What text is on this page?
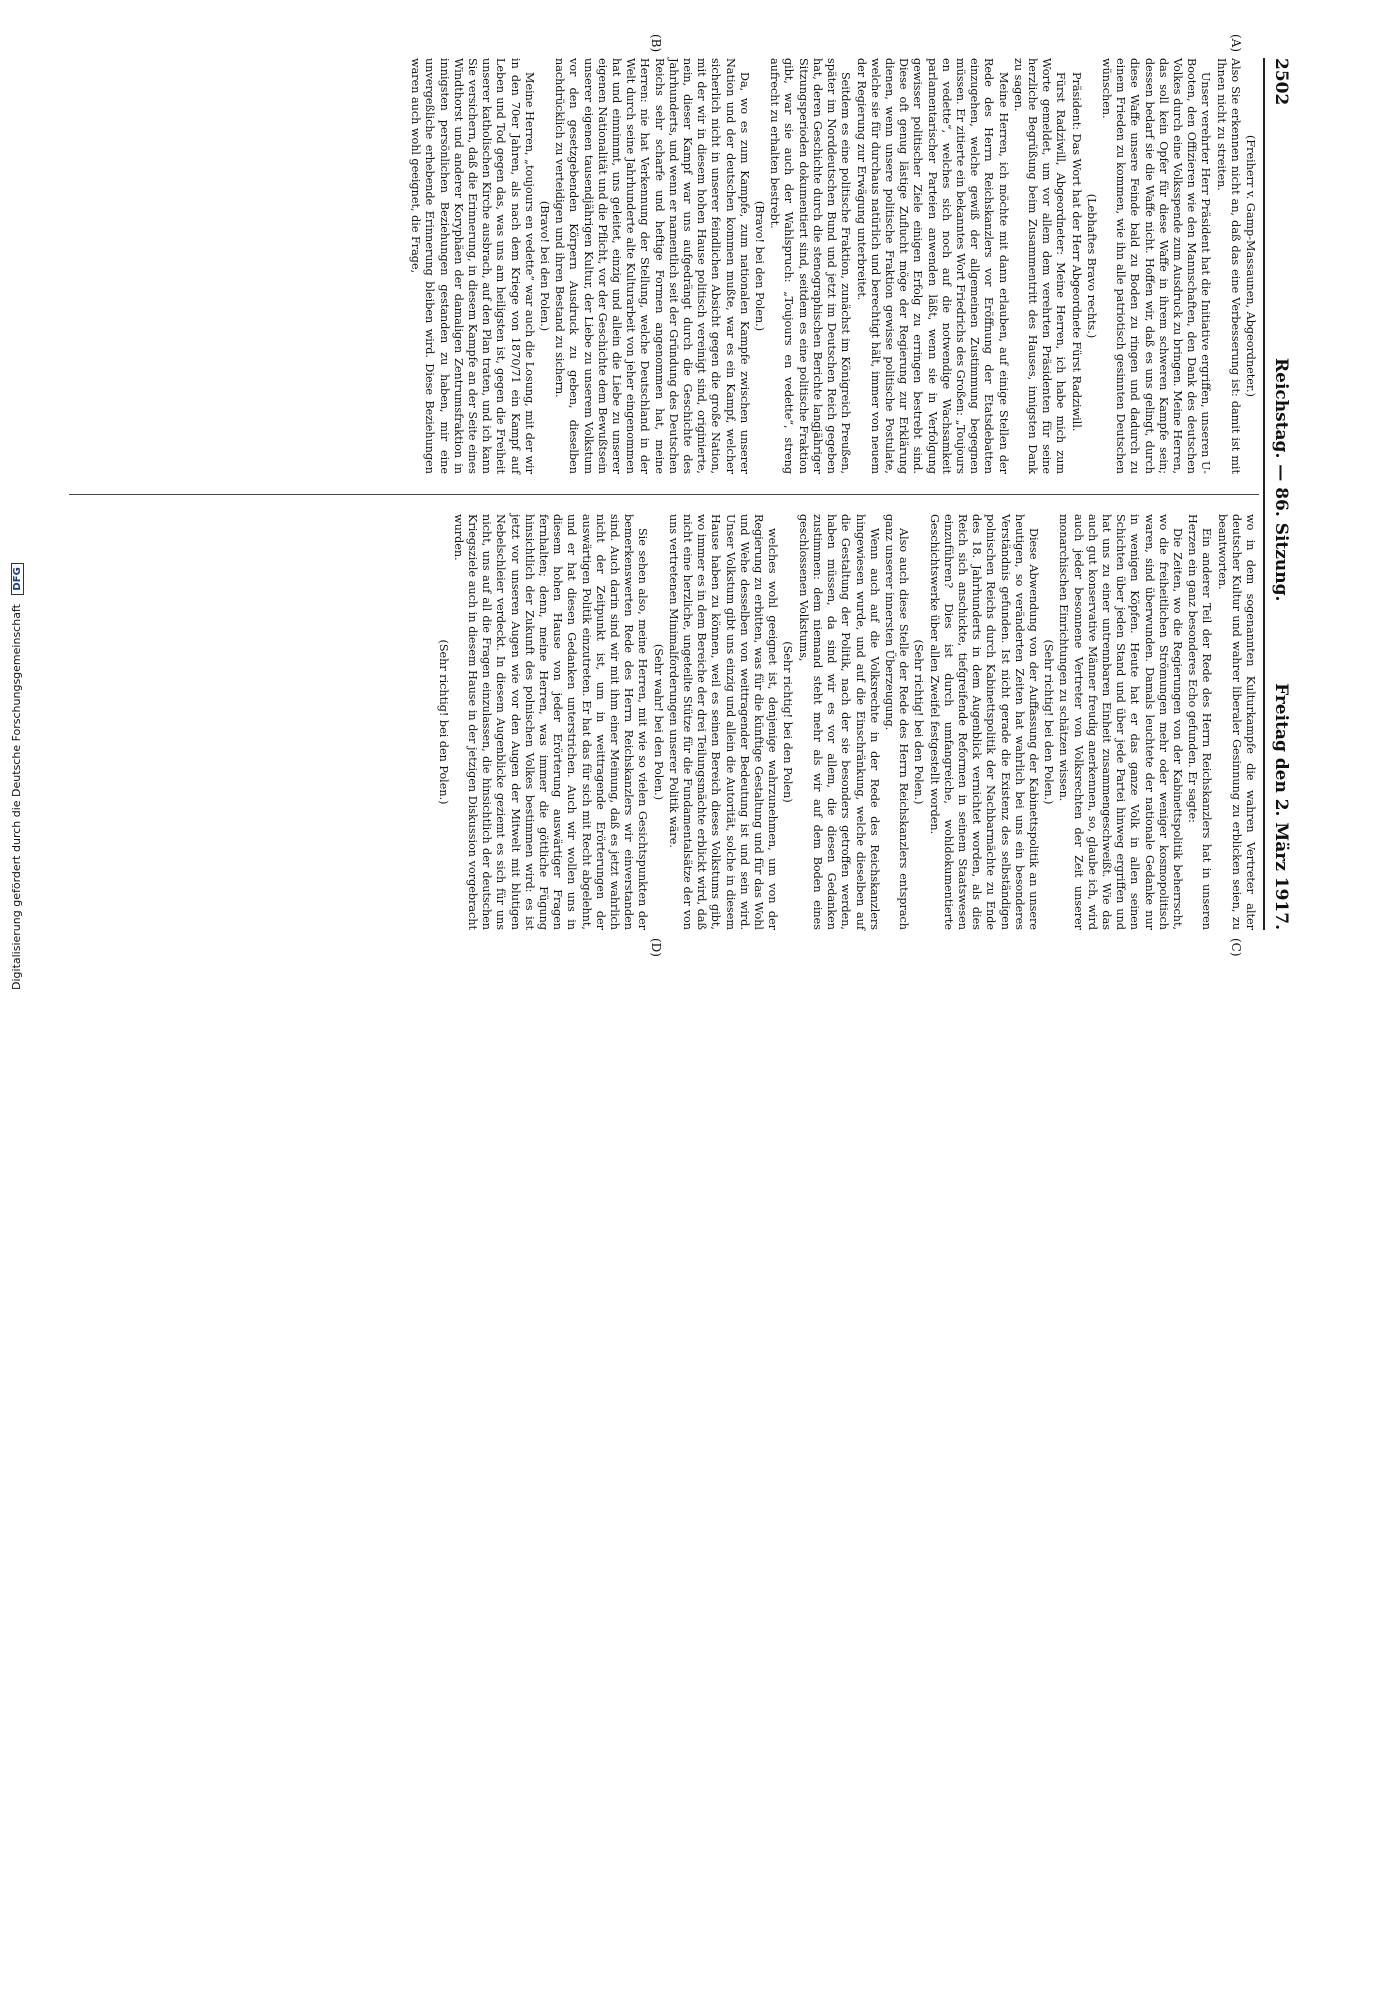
2502
Reichstag. — 86. Sitzung.
Freitag den 2. März 1917.
(A)
(B)
(C)
(D)

(Freiherr v. Gamp-Massaunen, Abgeordneter.)

Also Sie erkennen nicht an, daß das eine Verbesserung ist: damit ist mit Ihnen nicht zu streiten.

Unser verehrter Herr Präsident hat die Initiative ergriffen, unseren U-Booten, den Offizieren wie den Mannschaften, den Dank des deutschen Volkes durch eine Volksspende zum Ausdruck zu bringen. Meine Herren, das soll kein Opfer für diese Waffe in ihrem schweren Kampfe sein; dessen bedarf sie die Waffe nicht. Hoffen wir, daß es uns gelingt, durch diese Waffe unsere Feinde bald zu Boden zu ringen und dadurch zu einem Frieden zu kommen, wie ihn alle patriotisch gesinnten Deutschen wünschen.

(Lebhaftes Bravo rechts.)

Präsident: Das Wort hat der Herr Abgeordnete Fürst Radziwill.

Fürst Radziwill, Abgeordneter: Meine Herren, ich habe mich zum Worte gemeldet, um vor allem dem verehrten Präsidenten für seine herzliche Begrüßung beim Zusammentritt des Hauses, innigsten Dank zu sagen.

Meine Herren, ich möchte mit dann erlauben, auf einige Stellen der Rede des Herrn Reichskanzlers vor Eröffnung der Etatsdebatten einzugehen, welche gewiß der allgemeinen Zustimmung begegnen müssen. Er zitierte ein bekanntes Wort Friedrichs des Großen: „Toujours en vedette“, welches sich noch auf die notwendige Wachsamkeit parlamentarischer Parteien anwenden läßt, wenn sie in Verfolgung gewisser politischer Ziele einigen Erfolg zu erringen bestrebt sind. Diese oft genug lästige Zuflucht möge der Regierung zur Erklärung dienen, wenn unsere politische Fraktion gewisse politische Postulate, welche sie für durchaus natürlich und berechtigt hält, immer von neuem der Regierung zur Erwägung unterbreitet.

Seitdem es eine politische Fraktion, zunächst im Königreich Preußen, später im Norddeutschen Bund und jetzt im Deutschen Reich gegeben hat, deren Geschichte durch die stenographischen Berichte langjähriger Sitzungsperioden dokumentiert sind, seitdem es eine politische Fraktion gibt, war sie auch der Wahlspruch: „Toujours en vedette“, streng aufrecht zu erhalten bestrebt.

(Bravo! bei den Polen.)

Da, wo es zum Kampfe, zum nationalen Kampfe zwischen unserer Nation und der deutschen kommen mußte, war es ein Kampf, welcher sicherlich nicht in unserer feindlichen Absicht gegen die große Nation, mit der wir in diesem hohen Hause politisch vereinigt sind, originierte, nein, dieser Kampf war uns aufgedrängt durch die Geschichte des Jahrhunderts, und wenn er namentlich seit der Gründung des Deutschen Reichs sehr scharfe und heftige Formen angenommen hat, meine Herren: nie hat Verkennung der Stellung, welche Deutschland in der Welt durch seine Jahrhunderte alte Kulturarbeit von jeher eingenommen hat und einnimmt, uns geleitet, einzig und allein die Liebe zu unserer eigenen Nationalität und die Pflicht, vor der Geschichte dem Bewußtsein unserer eigenen tausendjährigen Kultur, der Liebe zu unserem Volkstum vor den gesetzgebenden Körpern Ausdruck zu geben, dieselben nachdrücklich zu verteidigen und ihren Bestand zu sichern.

(Bravo! bei den Polen.)

Meine Herren, „toujours en vedette“ war auch die Losung, mit der wir in den 70er Jahren, als nach dem Kriege von 1870/71 ein Kampf auf Leben und Tod gegen das, was uns am heiligsten ist, gegen die Freiheit unserer katholischen Kirche ausbrach, auf den Plan traten, und ich kann Sie versichern, daß die Erinnerung, in diesem Kampfe an der Seite eines Windthorst und anderer Koryphäen der damaligen Zentrumsfraktion in innigsten persönlichen Beziehungen gestanden zu haben, mir eine unvergeßliche erhebende Erinnerung bleiben wird. Diese Beziehungen waren auch wohl geeignet, die Frage,

wo in dem sogenannten Kulturkampfe die wahren Vertreter alter deutscher Kultur und wahrer liberaler Gesinnung zu erblicken seien, zu beantworten.

Ein anderer Teil der Rede des Herrn Reichskanzlers hat in unseren Herzen ein ganz besonderes Echo gefunden. Er sagte:

Die Zeiten, wo die Regierungen von der Kabinettspolitik beherrscht, wo die freiheitlichen Strömungen mehr oder weniger kosmopolitisch waren, sind überwunden. Damals leuchtete der nationale Gedanke nur in wenigen Köpfen. Heute hat er das ganze Volk in allen seinen Schichten über jeden Stand und über jede Partei hinweg ergriffen und hat uns zu einer untrennbaren Einheit zusammengeschweißt. Wie das auch gut konservative Männer freudig anerkennen, so, glaube ich, wird auch jeder besonnene Vertreter von Volksrechten der Zeit unserer monarchischen Einrichtungen zu schätzen wissen.

(Sehr richtig! bei den Polen.)

Diese Abwendung von der Auffassung der Kabinettspolitik an unsere heutigen, so veränderten Zeiten hat wahrlich bei uns ein besonderes Verständnis gefunden. Ist nicht gerade die Existenz des selbständigen polnischen Reichs durch Kabinettspolitik der Nachbarmächte zu Ende des 18. Jahrhunderts in dem Augenblick vernichtet worden, als dies Reich sich anschickte, tiefgreifende Reformen in seinem Staatswesen einzuführen? Dies ist durch umfangreiche, wohldokumentierte Geschichtswerke über allen Zweifel festgestellt worden.

(Sehr richtig! bei den Polen.)

Also auch diese Stelle der Rede des Herrn Reichskanzlers entsprach ganz unserer innersten Überzeugung.

Wenn auch auf die Volksrechte in der Rede des Reichskanzlers hingewiesen wurde, und auf die Einschränkung, welche dieselben auf die Gestaltung der Politik, nach der sie besonders getroffen werden, haben müssen, da sind wir es vor allem, die diesen Gedanken zustimmen: dem niemand steht mehr als wir auf dem Boden eines geschlossenen Volkstums,

(Sehr richtig! bei den Polen)

welches wohl geeignet ist, denjenige wahrzunehmen, um von der Regierung zu erbitten, was für die künftige Gestaltung und für das Wohl und Wehe desselben von weittragender Bedeutung ist und sein wird. Unser Volkstum gibt uns einzig und allein die Autorität, solche in diesem Hause haben zu können, weil es seinen Bereich dieses Volkstums gibt, wo immer es in dem Bereiche der drei Teilungsmächte erblickt wird, daß nicht eine herzliche, ungeteilte Stütze für die Fundamentalsätze der von uns vertretenen Minimalforderungen unserer Politik wäre.

(Sehr wahr! bei den Polen.)

Sie sehen also, meine Herren, mit wie so vielen Gesichtspunkten der bemerkenswerten Rede des Herrn Reichskanzlers wir einverstanden sind. Auch darin sind wir mit ihm einer Meinung, daß es jetzt wahrlich nicht der Zeitpunkt ist, um in weittragende Erörterungen der auswärtigen Politik einzutreten. Er hat das für sich mit Recht abgelehnt, und er hat diesen Gedanken unterstrichen. Auch wir wollen uns in diesem hohen Hause von jeder Erörterung auswärtiger Fragen fernhalten; denn, meine Herren, was immer die göttliche Fügung hinsichtlich der Zukunft des polnischen Volkes bestimmen wird: es ist jetzt vor unseren Augen wie vor den Augen der Mitwelt mit blutigen Nebelschleier verdeckt. In diesem Augenblicke geziemt es sich für uns nicht, uns auf all die Fragen einzulassen, die hinsichtlich der deutschen Kriegsziele auch in diesem Hause in der jetzigen Diskussion vorgebracht wurden.

(Sehr richtig! bei den Polen.)

Digitalisierung gefördert durch die Deutsche Forschungsgemeinschaft DFG
